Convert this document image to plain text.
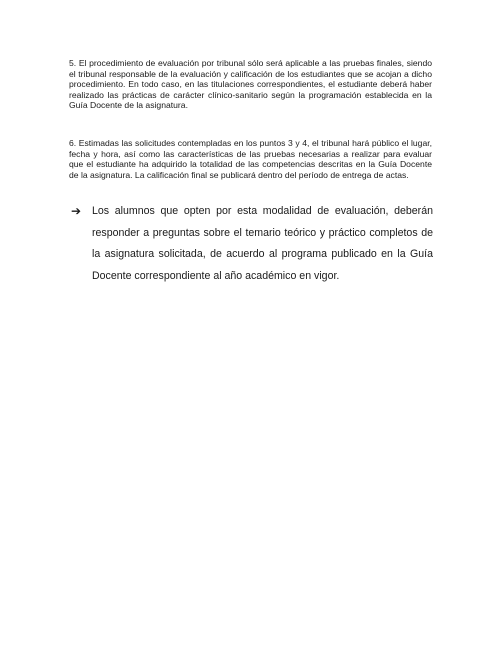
5. El procedimiento de evaluación por tribunal sólo será aplicable a las pruebas finales, siendo el tribunal responsable de la evaluación y calificación de los estudiantes que se acojan a dicho procedimiento. En todo caso, en las titulaciones correspondientes, el estudiante deberá haber realizado las prácticas de carácter clínico-sanitario según la programación establecida en la Guía Docente de la asignatura.

6. Estimadas las solicitudes contempladas en los puntos 3 y 4, el tribunal hará público el lugar, fecha y hora, así como las características de las pruebas necesarias a realizar para evaluar que el estudiante ha adquirido la totalidad de las competencias descritas en la Guía Docente de la asignatura. La calificación final se publicará dentro del período de entrega de actas.

➔ Los alumnos que opten por esta modalidad de evaluación, deberán responder a preguntas sobre el temario teórico y práctico completos de la asignatura solicitada, de acuerdo al programa publicado en la Guía Docente correspondiente al año académico en vigor.
